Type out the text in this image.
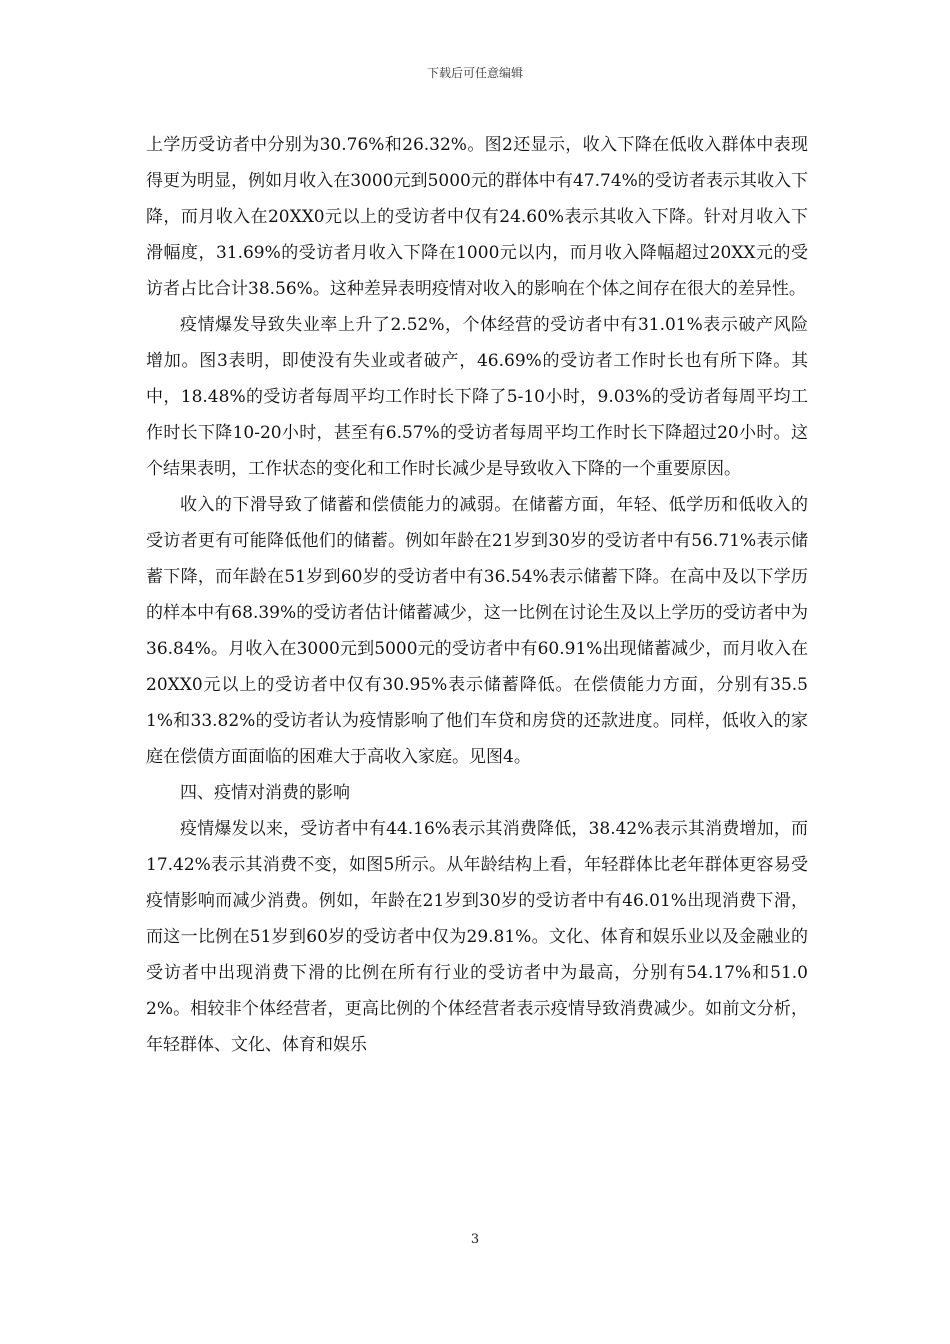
下载后可任意编辑

上学历受访者中分别为30.76%和26.32%。图2还显示，收入下降在低收入群体中表现得更为明显，例如月收入在3000元到5000元的群体中有47.74%的受访者表示其收入下降，而月收入在20XX0元以上的受访者中仅有24.60%表示其收入下降。针对月收入下滑幅度，31.69%的受访者月收入下降在1000元以内，而月收入降幅超过20XX元的受访者占比合计38.56%。这种差异表明疫情对收入的影响在个体之间存在很大的差异性。

疫情爆发导致失业率上升了2.52%，个体经营的受访者中有31.01%表示破产风险增加。图3表明，即使没有失业或者破产，46.69%的受访者工作时长也有所下降。其中，18.48%的受访者每周平均工作时长下降了5-10小时，9.03%的受访者每周平均工作时长下降10-20小时，甚至有6.57%的受访者每周平均工作时长下降超过20小时。这个结果表明，工作状态的变化和工作时长减少是导致收入下降的一个重要原因。

收入的下滑导致了储蓄和偿债能力的减弱。在储蓄方面，年轻、低学历和低收入的受访者更有可能降低他们的储蓄。例如年龄在21岁到30岁的受访者中有56.71%表示储蓄下降，而年龄在51岁到60岁的受访者中有36.54%表示储蓄下降。在高中及以下学历的样本中有68.39%的受访者估计储蓄减少，这一比例在讨论生及以上学历的受访者中为36.84%。月收入在3000元到5000元的受访者中有60.91%出现储蓄减少，而月收入在20XX0元以上的受访者中仅有30.95%表示储蓄降低。在偿债能力方面，分别有35.51%和33.82%的受访者认为疫情影响了他们车贷和房贷的还款进度。同样，低收入的家庭在偿债方面面临的困难大于高收入家庭。见图4。

四、疫情对消费的影响

疫情爆发以来，受访者中有44.16%表示其消费降低，38.42%表示其消费增加，而17.42%表示其消费不变，如图5所示。从年龄结构上看，年轻群体比老年群体更容易受疫情影响而减少消费。例如，年龄在21岁到30岁的受访者中有46.01%出现消费下滑，而这一比例在51岁到60岁的受访者中仅为29.81%。文化、体育和娱乐业以及金融业的受访者中出现消费下滑的比例在所有行业的受访者中为最高，分别有54.17%和51.02%。相较非个体经营者，更高比例的个体经营者表示疫情导致消费减少。如前文分析，年轻群体、文化、体育和娱乐

3
